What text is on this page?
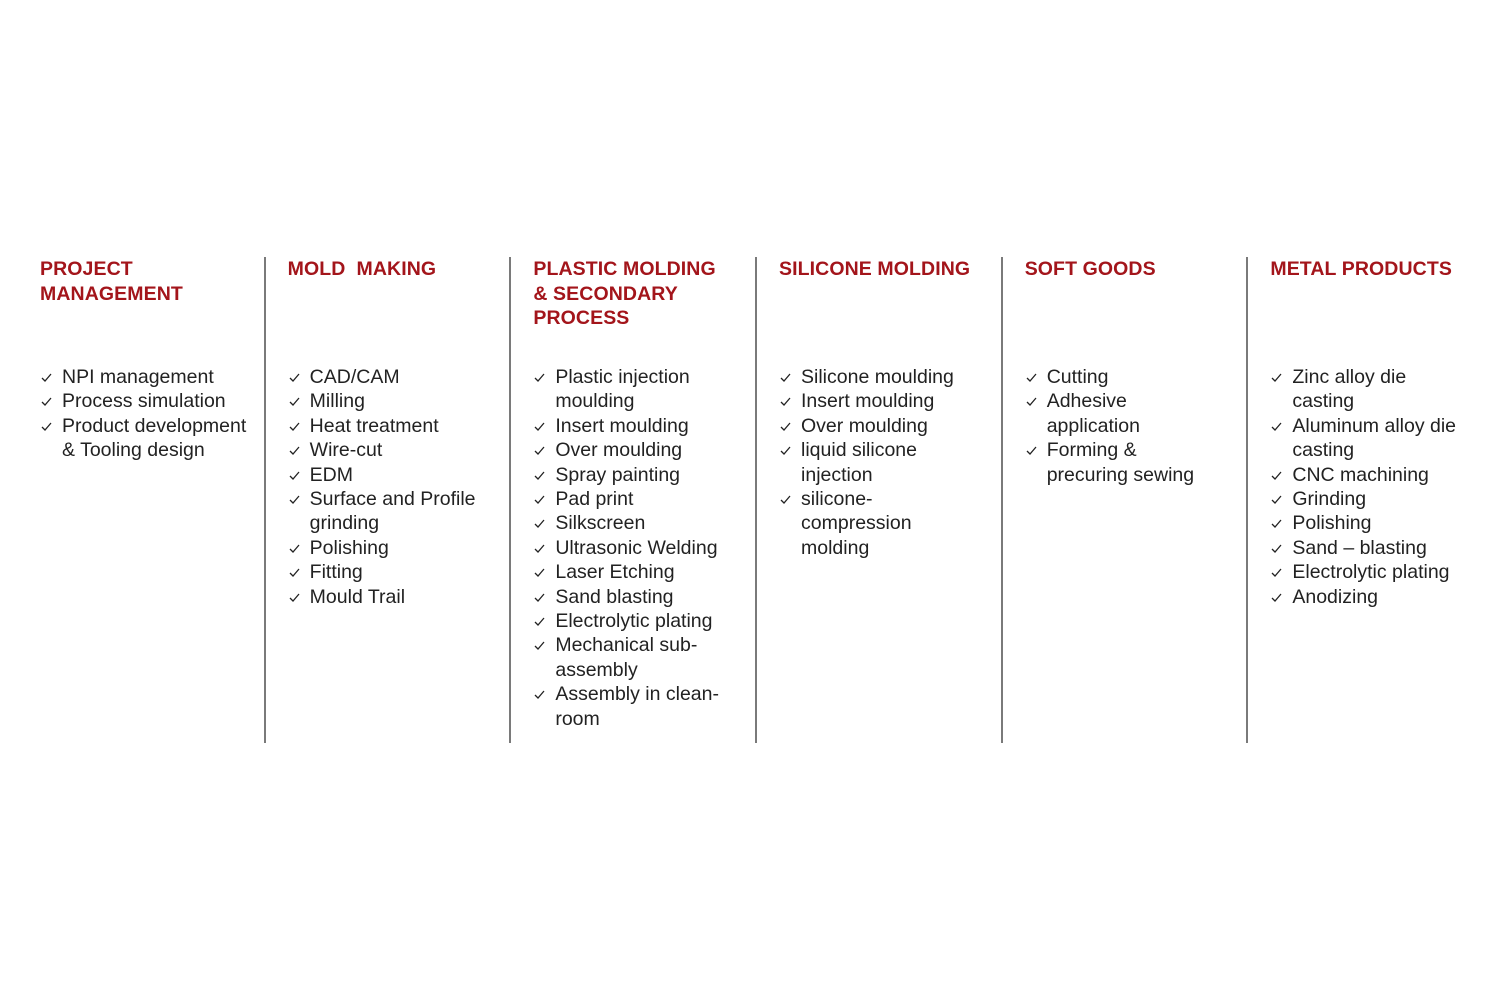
PROJECT MANAGEMENT
NPI management
Process simulation
Product development & Tooling design
MOLD  MAKING
CAD/CAM
Milling
Heat treatment
Wire-cut
EDM
Surface and Profile grinding
Polishing
Fitting
Mould Trail
PLASTIC MOLDING & SECONDARY PROCESS
Plastic injection moulding
Insert moulding
Over moulding
Spray painting
Pad print
Silkscreen
Ultrasonic Welding
Laser Etching
Sand blasting
Electrolytic plating
Mechanical sub-assembly
Assembly in clean-room
SILICONE MOLDING
Silicone moulding
Insert moulding
Over moulding
liquid silicone injection
silicone-compression molding
SOFT GOODS
Cutting
Adhesive application
Forming & precuring sewing
METAL PRODUCTS
Zinc alloy die casting
Aluminum alloy die casting
CNC machining
Grinding
Polishing
Sand – blasting
Electrolytic plating
Anodizing
